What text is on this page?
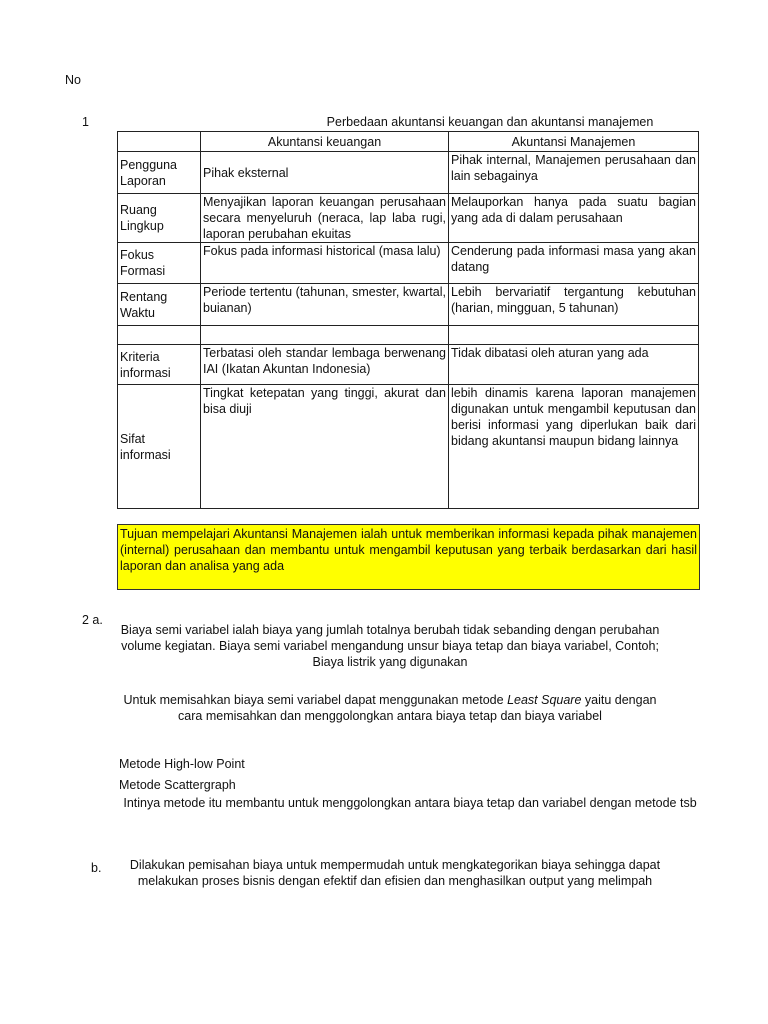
No
1	Perbedaan akuntansi keuangan dan akuntansi manajemen
	Akuntansi keuangan	Akuntansi Manajemen
Pengguna Laporan	Pihak eksternal	Pihak internal, Manajemen perusahaan dan lain sebagainya
Ruang Lingkup	Menyajikan laporan keuangan perusahaan secara menyeluruh (neraca, lap laba rugi, laporan perubahan ekuitas	Melauporkan hanya pada suatu bagian yang ada di dalam perusahaan
Fokus Formasi	Fokus pada informasi historical (masa lalu)	Cenderung pada informasi masa yang akan datang
Rentang Waktu	Periode tertentu (tahunan, smester, kwartal, buianan)	Lebih bervariatif tergantung kebutuhan (harian, mingguan, 5 tahunan)

Kriteria informasi	Terbatasi oleh standar lembaga berwenang IAI (Ikatan Akuntan Indonesia)	Tidak dibatasi oleh aturan yang ada
Sifat informasi	Tingkat ketepatan yang tinggi, akurat dan bisa diuji	lebih dinamis karena laporan manajemen digunakan untuk mengambil keputusan dan berisi informasi yang diperlukan baik dari bidang akuntansi maupun bidang lainnya
Tujuan mempelajari Akuntansi Manajemen ialah untuk memberikan informasi kepada pihak manajemen (internal) perusahaan dan membantu untuk mengambil keputusan yang terbaik berdasarkan dari hasil laporan dan analisa yang ada
2 a.
Biaya semi variabel ialah biaya yang jumlah totalnya berubah tidak sebanding dengan perubahan volume kegiatan. Biaya semi variabel mengandung unsur biaya tetap dan biaya variabel, Contoh; Biaya listrik yang digunakan
Untuk memisahkan biaya semi variabel dapat menggunakan metode Least Square yaitu dengan cara memisahkan dan menggolongkan antara biaya tetap dan biaya variabel
Metode High-low Point
Metode Scattergraph
Intinya metode itu membantu untuk menggolongkan antara biaya tetap dan variabel dengan metode tsb
b.	Dilakukan pemisahan biaya untuk mempermudah untuk mengkategorikan biaya sehingga dapat melakukan proses bisnis dengan efektif dan efisien dan menghasilkan output yang melimpah
